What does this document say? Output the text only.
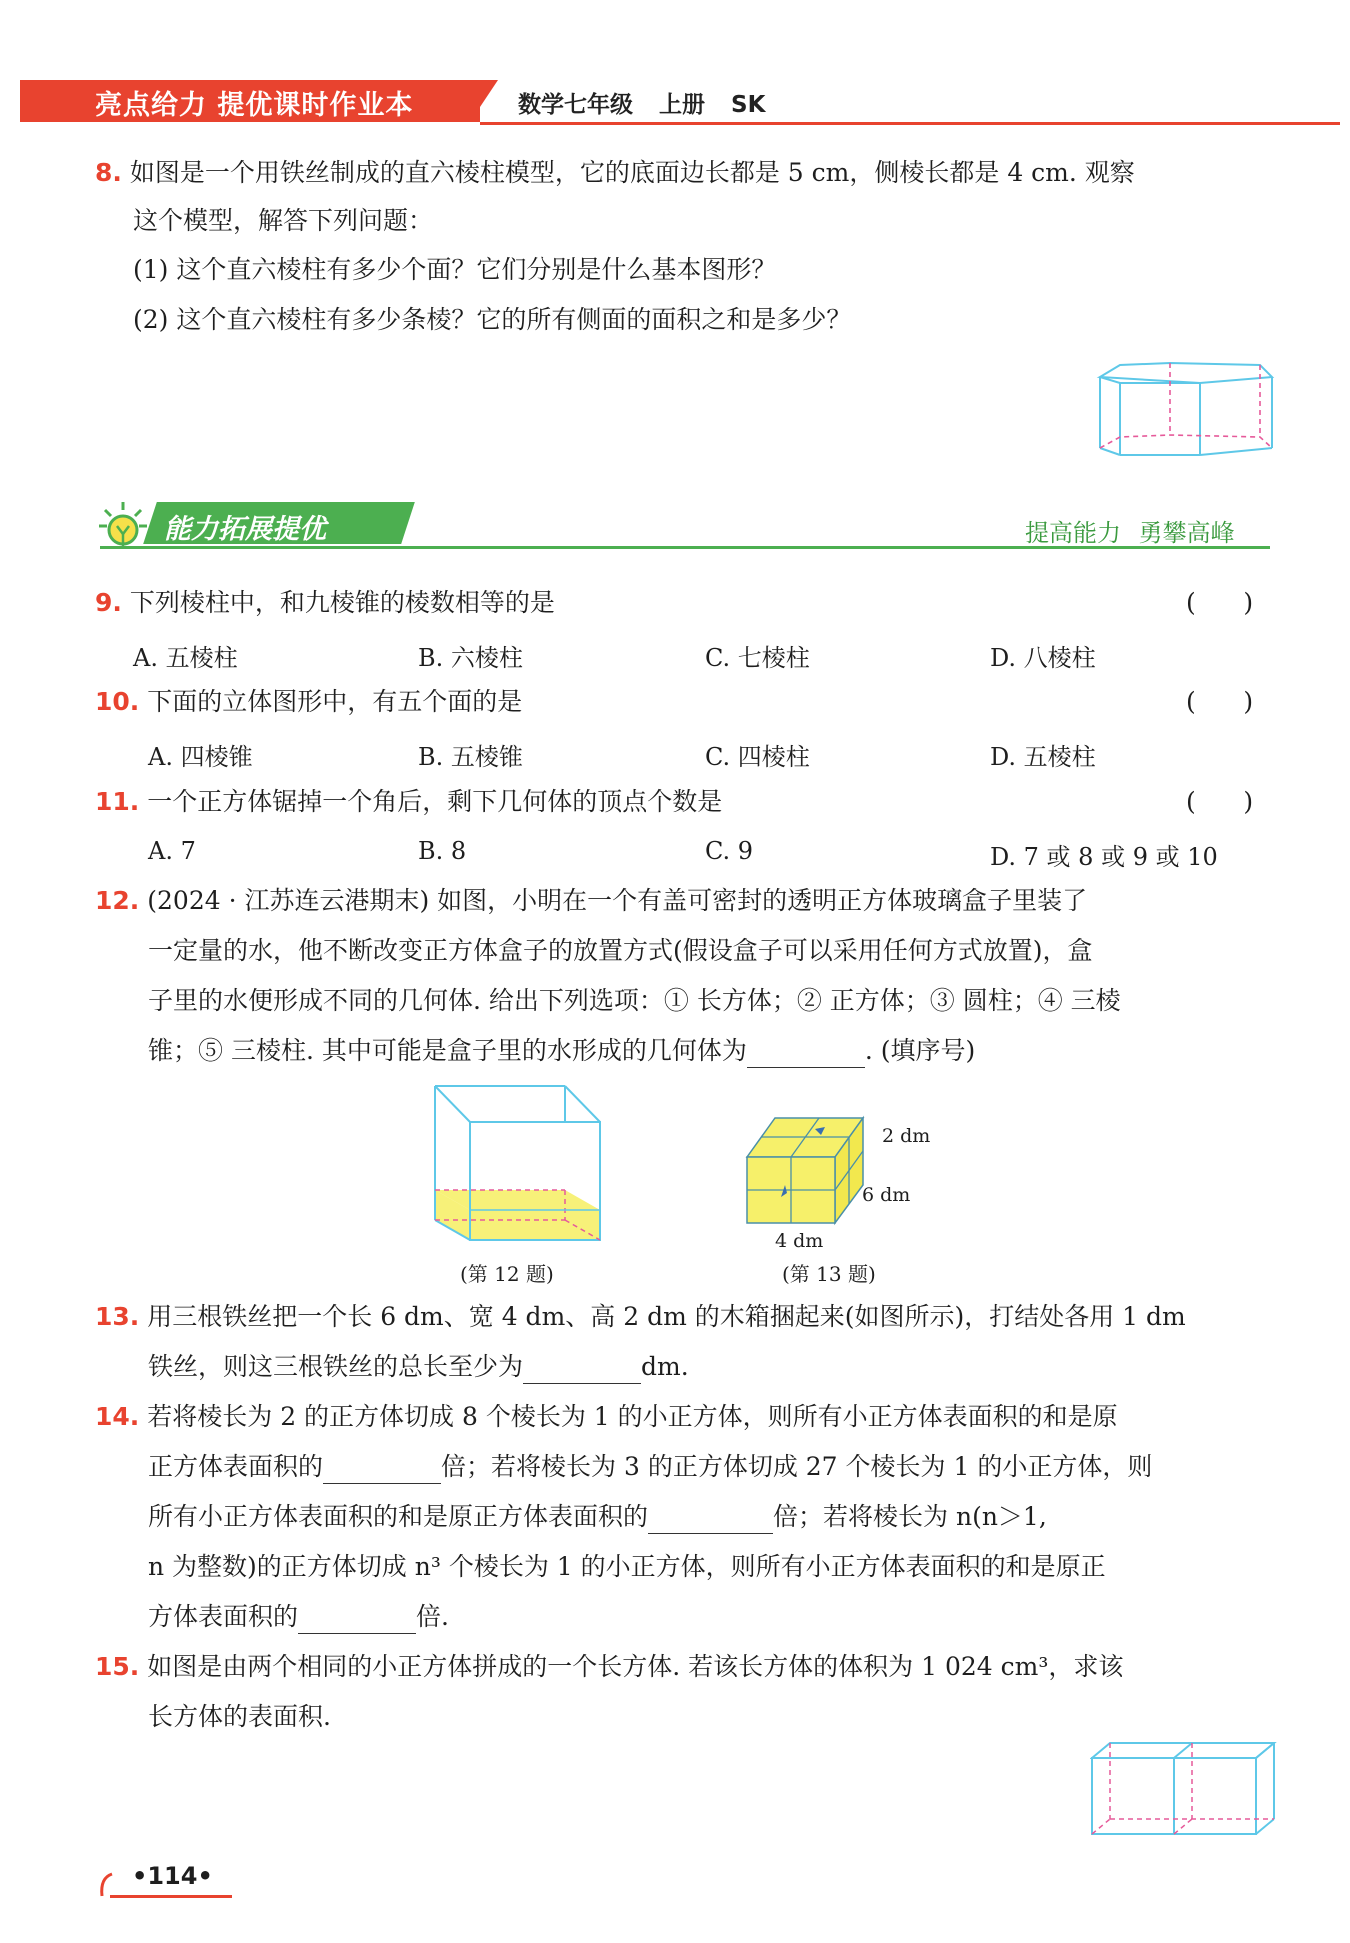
亮点给力 提优课时作业本	数学七年级 上册 SK
8. 如图是一个用铁丝制成的直六棱柱模型，它的底面边长都是 5 cm，侧棱长都是 4 cm. 观察
这个模型，解答下列问题：
(1) 这个直六棱柱有多少个面？它们分别是什么基本图形？
(2) 这个直六棱柱有多少条棱？它的所有侧面的面积之和是多少？
能力拓展提优	提高能力 勇攀高峰
9. 下列棱柱中，和九棱锥的棱数相等的是	(      )
A. 五棱柱	B. 六棱柱	C. 七棱柱	D. 八棱柱
10. 下面的立体图形中，有五个面的是	(      )
A. 四棱锥	B. 五棱锥	C. 四棱柱	D. 五棱柱
11. 一个正方体锯掉一个角后，剩下几何体的顶点个数是	(      )
A. 7	B. 8	C. 9	D. 7 或 8 或 9 或 10
12. (2024 · 江苏连云港期末) 如图，小明在一个有盖可密封的透明正方体玻璃盒子里装了
一定量的水，他不断改变正方体盒子的放置方式(假设盒子可以采用任何方式放置)，盒
子里的水便形成不同的几何体. 给出下列选项：① 长方体；② 正方体；③ 圆柱；④ 三棱
锥；⑤ 三棱柱. 其中可能是盒子里的水形成的几何体为	. (填序号)
(第 12 题)
2 dm
6 dm
4 dm
(第 13 题)
13. 用三根铁丝把一个长 6 dm、宽 4 dm、高 2 dm 的木箱捆起来(如图所示)，打结处各用 1 dm
铁丝，则这三根铁丝的总长至少为	dm.
14. 若将棱长为 2 的正方体切成 8 个棱长为 1 的小正方体，则所有小正方体表面积的和是原
正方体表面积的	倍；若将棱长为 3 的正方体切成 27 个棱长为 1 的小正方体，则
所有小正方体表面积的和是原正方体表面积的	倍；若将棱长为 n(n＞1,
n 为整数)的正方体切成 n³ 个棱长为 1 的小正方体，则所有小正方体表面积的和是原正
方体表面积的	倍.
15. 如图是由两个相同的小正方体拼成的一个长方体. 若该长方体的体积为 1 024 cm³，求该
长方体的表面积.
•114•
